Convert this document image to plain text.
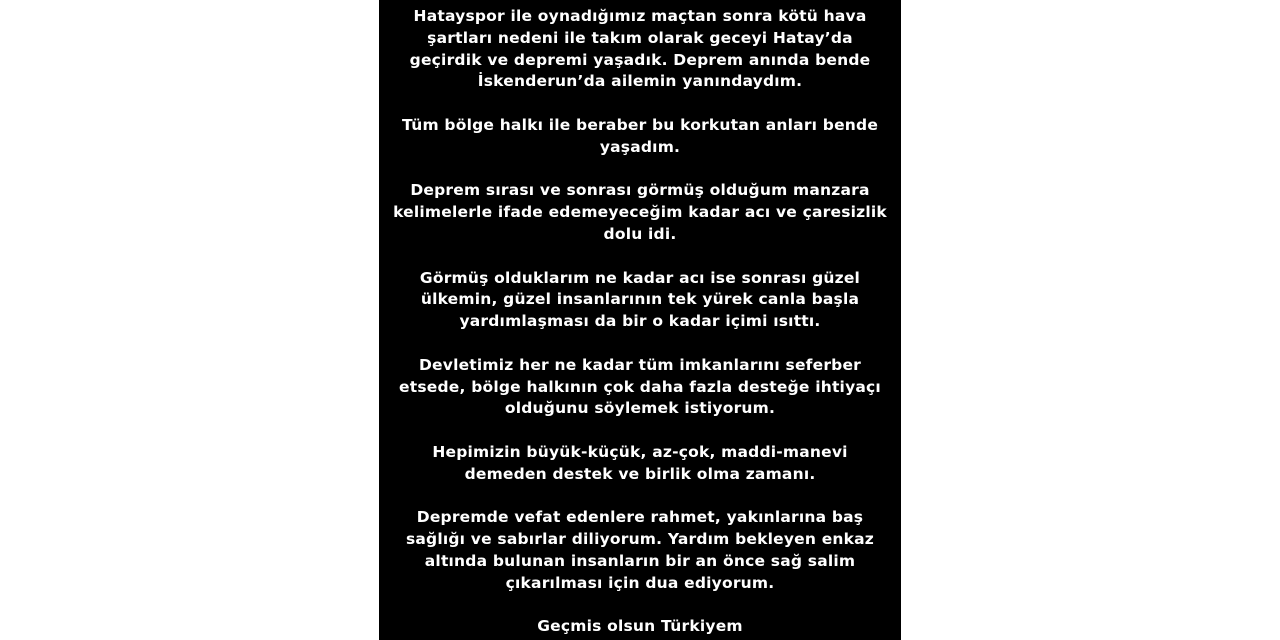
Hatayspor ile oynadığımız maçtan sonra kötü hava
şartları nedeni ile takım olarak geceyi Hatay’da
geçirdik ve depremi yaşadık. Deprem anında bende
İskenderun’da ailemin yanındaydım.

Tüm bölge halkı ile beraber bu korkutan anları bende
yaşadım.

Deprem sırası ve sonrası görmüş olduğum manzara
kelimelerle ifade edemeyeceğim kadar acı ve çaresizlik
dolu idi.

Görmüş olduklarım ne kadar acı ise sonrası güzel
ülkemin, güzel insanlarının tek yürek canla başla
yardımlaşması da bir o kadar içimi ısıttı.

Devletimiz her ne kadar tüm imkanlarını seferber
etsede, bölge halkının çok daha fazla desteğe ihtiyaçı
olduğunu söylemek istiyorum.

Hepimizin büyük-küçük, az-çok, maddi-manevi
demeden destek ve birlik olma zamanı.

Depremde vefat edenlere rahmet, yakınlarına baş
sağlığı ve sabırlar diliyorum. Yardım bekleyen enkaz
altında bulunan insanların bir an önce sağ salim
çıkarılması için dua ediyorum.

Geçmis olsun Türkiyem
